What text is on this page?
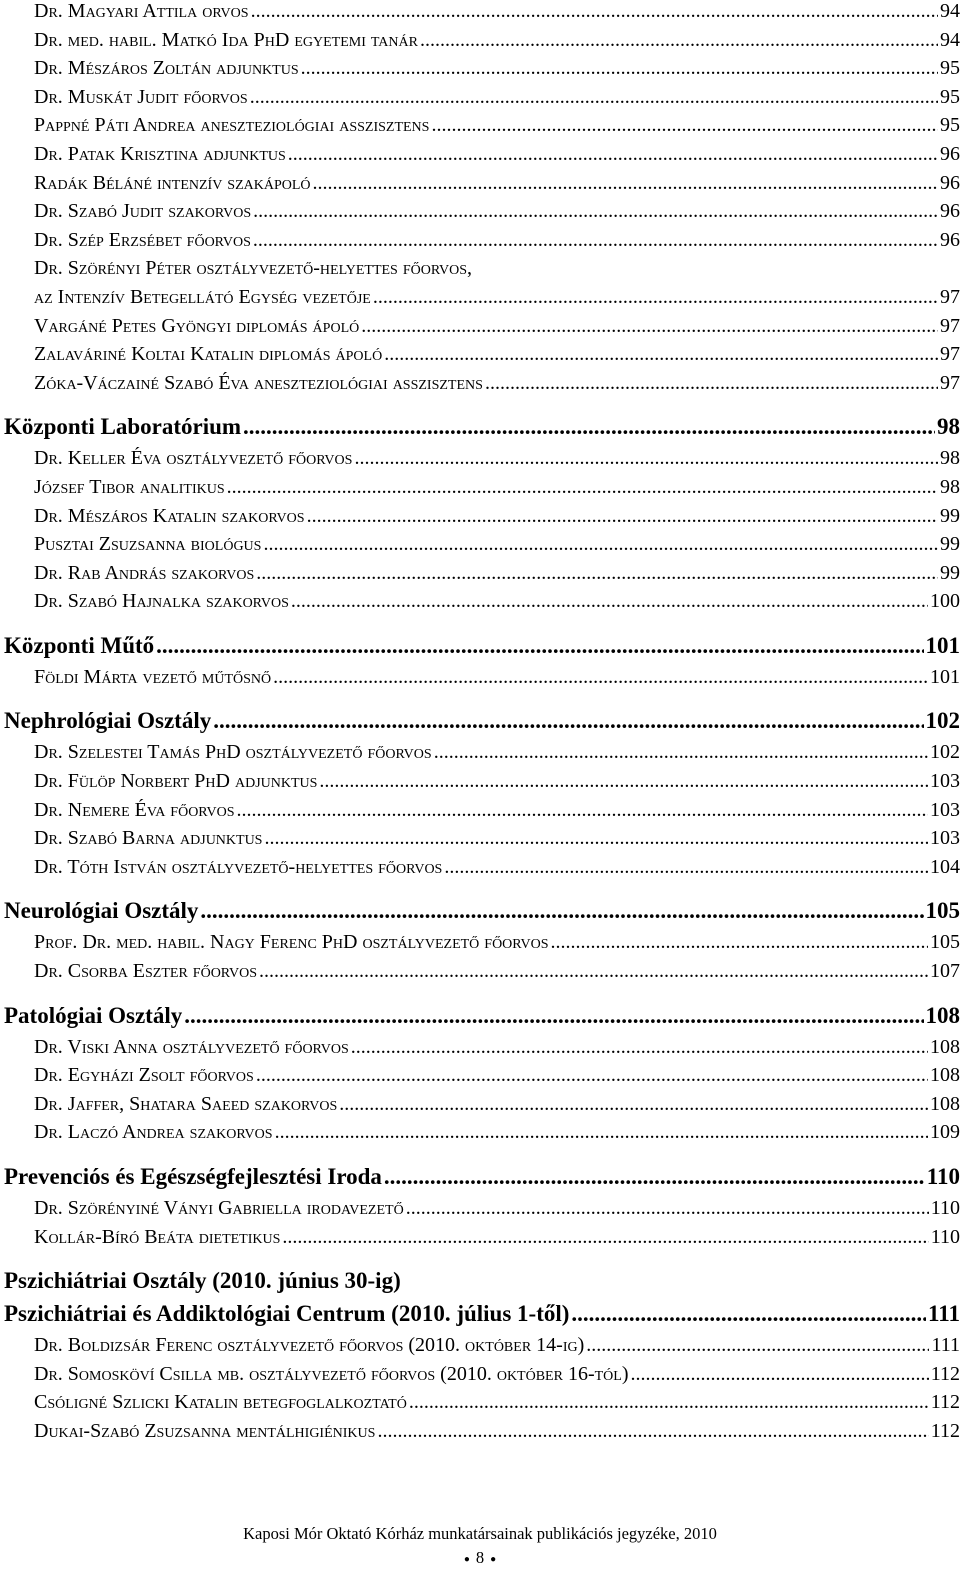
Dr. Magyari Attila orvos .....	94
Dr. med. habil. Matkó Ida PhD egyetemi tanár .....	94
Dr. Mészáros Zoltán adjunktus .....	95
Dr. Muskát Judit főorvos .....	95
Pappné Páti Andrea aneszteziológiai asszisztens .....	95
Dr. Patak Krisztina adjunktus .....	96
Radák Béláné intenzív szakápoló .....	96
Dr. Szabó Judit szakorvos .....	96
Dr. Szép Erzsébet főorvos .....	96
Dr. Szörényi Péter osztályvezető-helyettes főorvos,
az Intenzív Betegellátó Egység vezetője .....	97
Vargáné Petes Gyöngyi diplomás ápoló .....	97
Zalaváriné Koltai Katalin diplomás ápoló .....	97
Zóka-Váczainé Szabó Éva aneszteziológiai asszisztens .....	97
Központi Laboratórium .....	98
Dr. Keller Éva osztályvezető főorvos .....	98
József Tibor analitikus .....	98
Dr. Mészáros Katalin szakorvos .....	99
Pusztai Zsuzsanna biológus .....	99
Dr. Rab András szakorvos .....	99
Dr. Szabó Hajnalka szakorvos .....	100
Központi Műtő .....	101
Földi Márta vezető műtősnő .....	101
Nephrológiai Osztály .....	102
Dr. Szelestei Tamás PhD osztályvezető főorvos .....	102
Dr. Fülöp Norbert PhD adjunktus .....	103
Dr. Nemere Éva főorvos .....	103
Dr. Szabó Barna adjunktus .....	103
Dr. Tóth István osztályvezető-helyettes főorvos .....	104
Neurológiai Osztály .....	105
Prof. Dr. med. habil. Nagy Ferenc PhD osztályvezető főorvos .....	105
Dr. Csorba Eszter főorvos .....	107
Patológiai Osztály .....	108
Dr. Viski Anna osztályvezető főorvos .....	108
Dr. Egyházi Zsolt főorvos .....	108
Dr. Jaffer, Shatara Saeed szakorvos .....	108
Dr. Laczó Andrea szakorvos .....	109
Prevenciós és Egészségfejlesztési Iroda .....	110
Dr. Szörényiné Ványi Gabriella irodavezető .....	110
Kollár-Bíró Beáta dietetikus .....	110
Pszichiátriai Osztály (2010. június 30-ig)
Pszichiátriai és Addiktológiai Centrum (2010. július 1-től) .....	111
Dr. Boldizsár Ferenc osztályvezető főorvos (2010. október 14-ig) .....	111
Dr. Somosköví Csilla mb. osztályvezető főorvos (2010. október 16-tól) .....	112
Csóligné Szlicki Katalin betegfoglalkoztató .....	112
Dukai-Szabó Zsuzsanna mentálhigiénikus .....	112
Kaposi Mór Oktató Kórház munkatársainak publikációs jegyzéke, 2010
● 8 ●
